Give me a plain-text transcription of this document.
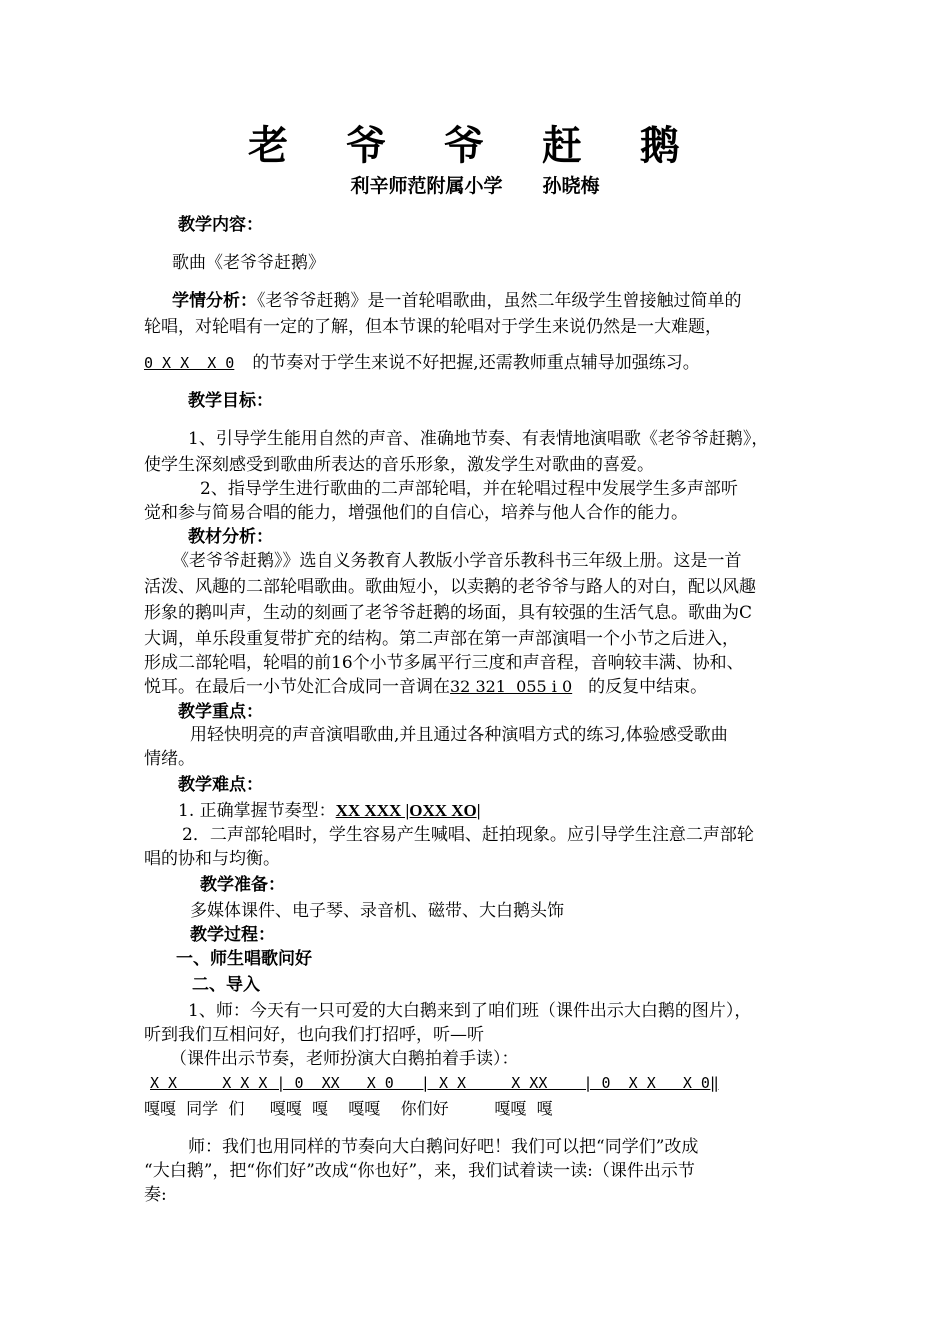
老 爷 爷 赶 鹅
利辛师范附属小学 孙晓梅
教学内容：
歌曲《老爷爷赶鹅》
学情分析：《老爷爷赶鹅》是一首轮唱歌曲，虽然二年级学生曾接触过简单的
轮唱，对轮唱有一定的了解，但本节课的轮唱对于学生来说仍然是一大难题，
0 X X  X 0 的节奏对于学生来说不好把握,还需教师重点辅导加强练习。
教学目标：
1、引导学生能用自然的声音、准确地节奏、有表情地演唱歌《老爷爷赶鹅》，
使学生深刻感受到歌曲所表达的音乐形象，激发学生对歌曲的喜爱。
2、指导学生进行歌曲的二声部轮唱，并在轮唱过程中发展学生多声部听
觉和参与简易合唱的能力，增强他们的自信心，培养与他人合作的能力。
教材分析：
《老爷爷赶鹅》》选自义务教育人教版小学音乐教科书三年级上册。这是一首
活泼、风趣的二部轮唱歌曲。歌曲短小，以卖鹅的老爷爷与路人的对白，配以风趣
形象的鹅叫声，生动的刻画了老爷爷赶鹅的场面，具有较强的生活气息。歌曲为C
大调，单乐段重复带扩充的结构。第二声部在第一声部演唱一个小节之后进入，
形成二部轮唱，轮唱的前16个小节多属平行三度和声音程，音响较丰满、协和、
悦耳。在最后一小节处汇合成同一音调在32 321  055 i 0 的反复中结束。
教学重点：
用轻快明亮的声音演唱歌曲,并且通过各种演唱方式的练习,体验感受歌曲
情绪。
教学难点：
1. 正确掌握节奏型：XX XXX |OXX XO|
2．二声部轮唱时，学生容易产生喊唱、赶拍现象。应引导学生注意二声部轮
唱的协和与均衡。
教学准备：
多媒体课件、电子琴、录音机、磁带、大白鹅头饰
教学过程：
一、师生唱歌问好
二、导入
1、师：今天有一只可爱的大白鹅来到了咱们班（课件出示大白鹅的图片），
听到我们互相问好，也向我们打招呼，听—听
（课件出示节奏，老师扮演大白鹅拍着手读）：
X X     X X X | 0  XX   X 0   | X X     X XX    | 0  X X   X 0‖
嘎嘎  同学  们     嘎嘎  嘎    嘎嘎    你们好         嘎嘎  嘎
师：我们也用同样的节奏向大白鹅问好吧！我们可以把“同学们”改成
“大白鹅”，把“你们好”改成“你也好”，来，我们试着读一读:（课件出示节
奏:
